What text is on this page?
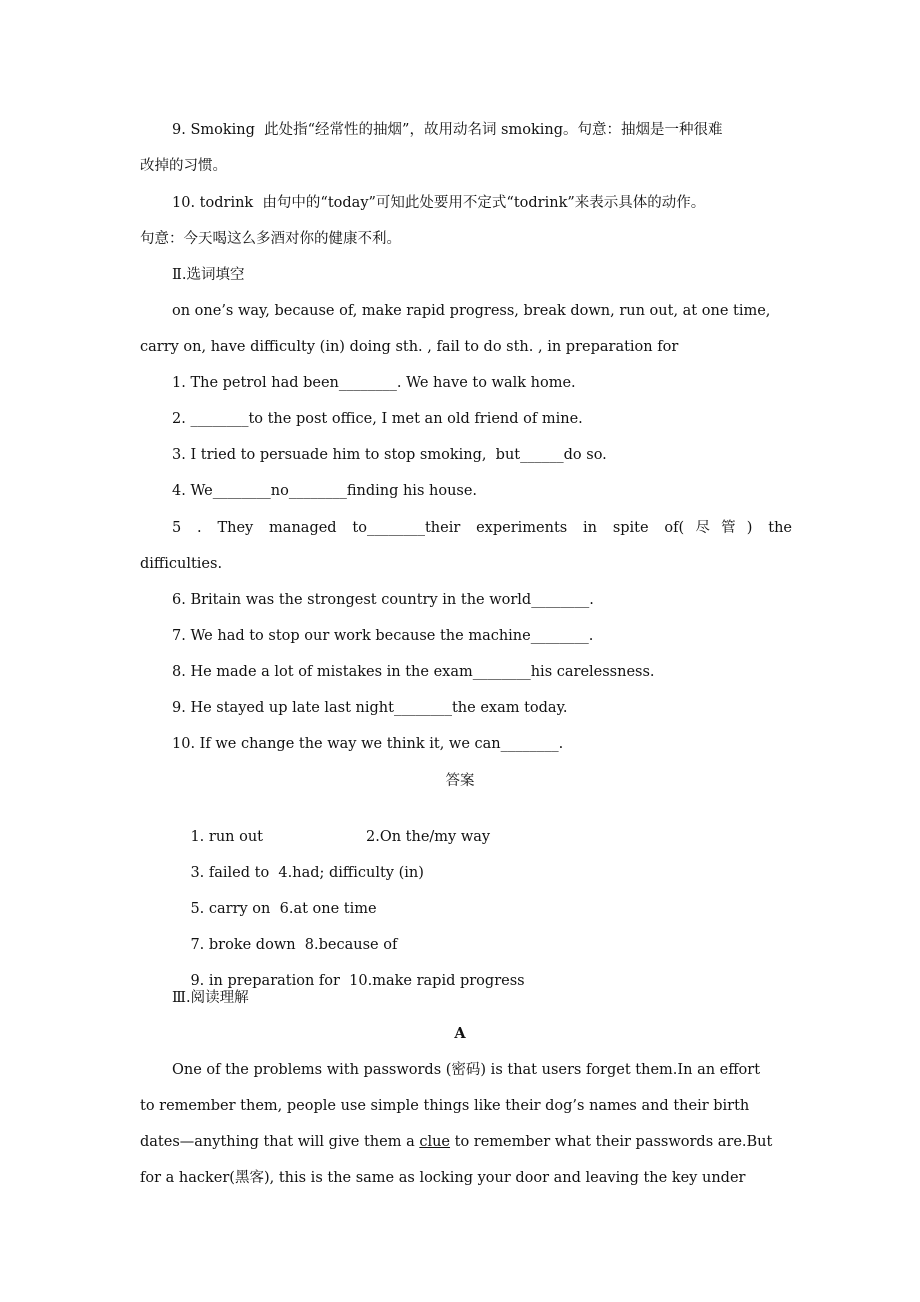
9. Smoking  此处指“经常性的抽烟”，故用动名词 smoking。句意：抽烟是一种很难
改掉的习惯。
10. todrink  由句中的“today”可知此处要用不定式“todrink”来表示具体的动作。
句意：今天喝这么多酒对你的健康不利。
Ⅱ.选词填空
on one’s way, because of, make rapid progress, break down, run out, at one time,
carry on, have difficulty (in) doing sth. , fail to do sth. , in preparation for
1. The petrol had been________. We have to walk home.
2. ________to the post office, I met an old friend of mine.
3. I tried to persuade him to stop smoking,  but______do so.
4. We________no________finding his house.
5 . They managed to________their experiments in spite of(尽管) the
difficulties.
6. Britain was the strongest country in the world________.
7. We had to stop our work because the machine________.
8. He made a lot of mistakes in the exam________his carelessness.
9. He stayed up late last night________the exam today.
10. If we change the way we think it, we can________.
答案

1. run out	2.On the/my way

3. failed to 4.had; difficulty (in)

5. carry on 6.at one time

7. broke down 8.because of

9. in preparation for 10.make rapid progress

Ⅲ.阅读理解
A
One of the problems with passwords (密码) is that users forget them.In an effort
to remember them, people use simple things like their dog’s names and their birth
dates—anything that will give them a clue to remember what their passwords are.But
for a hacker(黑客), this is the same as locking your door and leaving the key under
